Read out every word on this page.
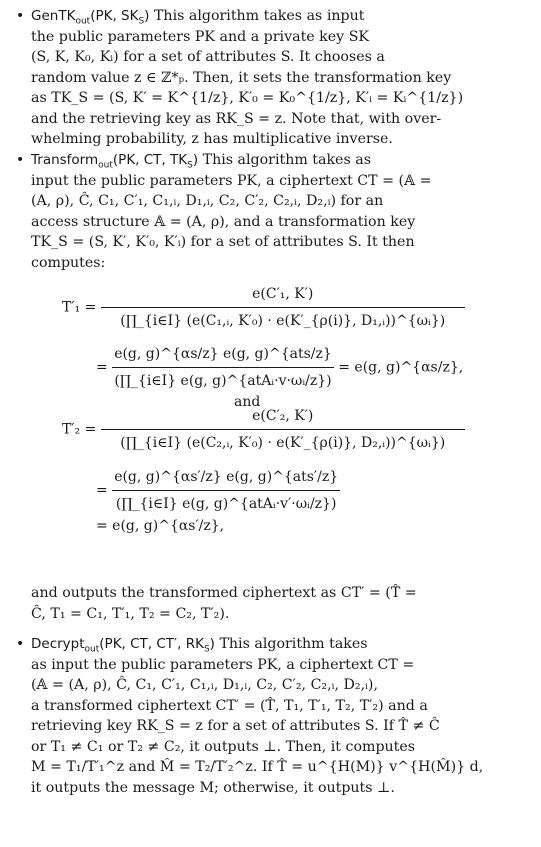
• GenTK$_{out}$(PK, $SK_S$) This algorithm takes as input
the public parameters PK and a private key SK
(S, K, K₀, Kᵢ) for a set of attributes S. It chooses a
random value z ∈ ℤ*ₚ. Then, it sets the transformation key
as TK_S = (S, K′ = K^{1/z}, K′₀ = K₀^{1/z}, K′ᵢ = Kᵢ^{1/z})
and the retrieving key as RK_S = z. Note that, with over-
whelming probability, z has multiplicative inverse.
• Transform$_{out}$(PK, CT, $TK_S$) This algorithm takes as
input the public parameters PK, a ciphertext CT = (𝔸 =
(A, ρ), Ĉ, C₁, C′₁, C₁,ᵢ, D₁,ᵢ, C₂, C′₂, C₂,ᵢ, D₂,ᵢ) for an
access structure 𝔸 = (A, ρ), and a transformation key
TK_S = (S, K′, K′₀, K′ᵢ) for a set of attributes S. It then
computes:
$T'_1 = \frac{\text{e(C′₁, K′)}}{\text{(∏\_\{i∈I\} (e(C₁,ᵢ, K′₀) · e(K′\_\{ρ(i)\}, D₁,ᵢ))\textasciicircum{}\{ωᵢ\})}}$
= $\frac{\text{e(g, g)\textasciicircum{}\{αs/z\} e(g, g)\textasciicircum{}\{ats/z\}}}{\text{(∏\_\{i∈I\} e(g, g)\textasciicircum{}\{atAᵢ·v·ωᵢ/z\})}} = e(g$, g)^{αs/z},
and
$T'_2 = \frac{\text{e(C′₂, K′)}}{\text{(∏\_\{i∈I\} (e(C₂,ᵢ, K′₀) · e(K′\_\{ρ(i)\}, D₂,ᵢ))\textasciicircum{}\{ωᵢ\})}}$
= $\frac{\text{e(g, g)\textasciicircum{}\{αs′/z\} e(g, g)\textasciicircum{}\{ats′/z\}}}{\text{(∏\_\{i∈I\} e(g, g)\textasciicircum{}\{atAᵢ·v′·ωᵢ/z\})}}$
= e(g, g)^{αs′/z},
and outputs the transformed ciphertext as CT′ = (T̂ =
Ĉ, T₁ = C₁, T′₁, T₂ = C₂, T′₂).
• Decrypt$_{out}$(PK, CT, CT′, $RK_S$) This algorithm takes
as input the public parameters PK, a ciphertext CT =
(𝔸 = (A, ρ), Ĉ, C₁, C′₁, C₁,ᵢ, D₁,ᵢ, C₂, C′₂, C₂,ᵢ, D₂,ᵢ),
a transformed ciphertext CT′ = (T̂, T₁, T′₁, T₂, T′₂) and a
retrieving key RK_S = z for a set of attributes S. If T̂ ≠ Ĉ
or T₁ ≠ C₁ or T₂ ≠ C₂, it outputs ⊥. Then, it computes
M = T₁/T′₁^z and M̂ = T₂/T′₂^z. If T̂ = u^{H(M)} v^{H(M̂)} d,
it outputs the message M; otherwise, it outputs ⊥.
